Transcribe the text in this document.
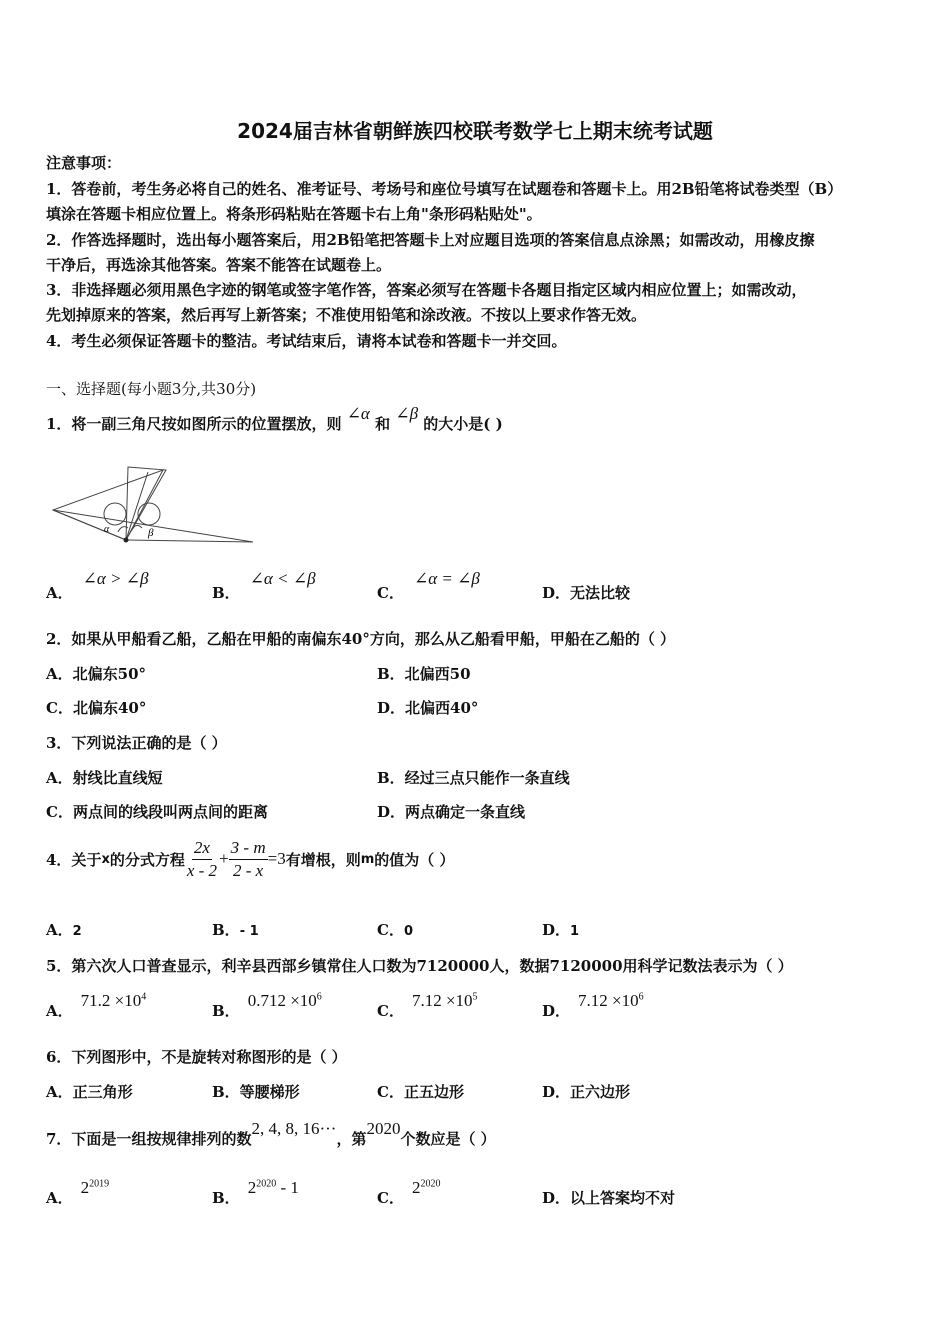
2024届吉林省朝鲜族四校联考数学七上期末统考试题
注意事项：
1．答卷前，考生务必将自己的姓名、准考证号、考场号和座位号填写在试题卷和答题卡上。用2B铅笔将试卷类型（B）
填涂在答题卡相应位置上。将条形码粘贴在答题卡右上角"条形码粘贴处"。
2．作答选择题时，选出每小题答案后，用2B铅笔把答题卡上对应题目选项的答案信息点涂黑；如需改动，用橡皮擦
干净后，再选涂其他答案。答案不能答在试题卷上。
3．非选择题必须用黑色字迹的钢笔或签字笔作答，答案必须写在答题卡各题目指定区域内相应位置上；如需改动，
先划掉原来的答案，然后再写上新答案；不准使用铅笔和涂改液。不按以上要求作答无效。
4．考生必须保证答题卡的整洁。考试结束后，请将本试卷和答题卡一并交回。
一、选择题(每小题3分,共30分)
1．将一副三角尺按如图所示的位置摆放，则 ∠α 和 ∠β 的大小是( )
α	β
A．∠α > ∠β
B．∠α < ∠β
C．∠α = ∠β
D．无法比较
2．如果从甲船看乙船，乙船在甲船的南偏东40°方向，那么从乙船看甲船，甲船在乙船的（ ）
A．北偏东50°	B．北偏西50
C．北偏东40°	D．北偏西40°
3．下列说法正确的是（ ）
A．射线比直线短	B．经过三点只能作一条直线
C．两点间的线段叫两点间的距离	D．两点确定一条直线
4．关于 x 的分式方程 $\frac{2x}{x - 2} + \frac{3 - m}{2 - x} =3$ 有增根，则 m 的值为（ ）
A．2	B．- 1	C．0	D．1
5．第六次人口普查显示，利辛县西部乡镇常住人口数为7120000人，数据7120000用科学记数法表示为（ ）
A．$71.2 \times 10^4$
B．$0.712 \times 10^6$
C．$7.12 \times 10^5$
D．$7.12 \times 10^6$
6．下列图形中，不是旋转对称图形的是（ ）
A．正三角形	B．等腰梯形	C．正五边形	D．正六边形
7．下面是一组按规律排列的数2, 4, 8, 16···，第2020个数应是（ ）
A．$2^{2019}$
B．$2^{2020} - 1$
C．$2^{2020}$
D．以上答案均不对
